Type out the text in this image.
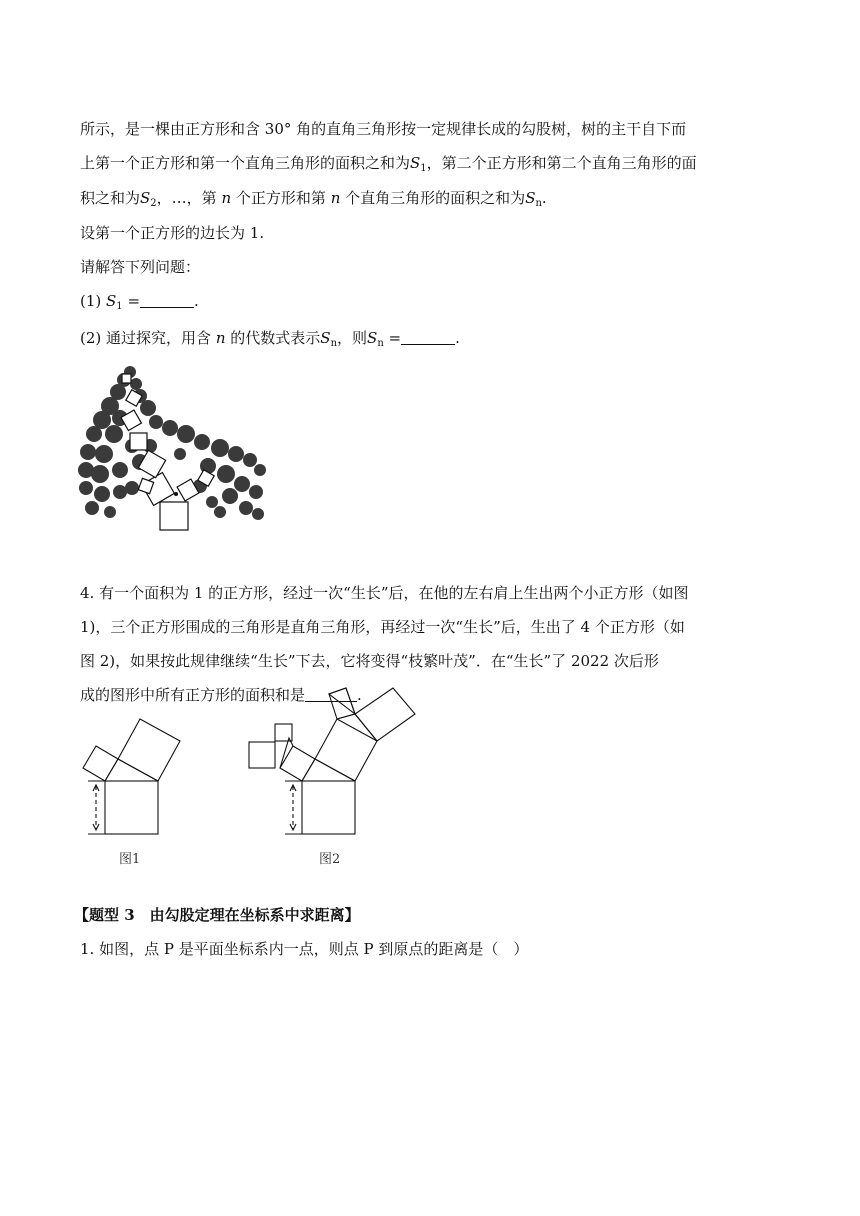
所示，是一棵由正方形和含 30° 角的直角三角形按一定规律长成的勾股树，树的主干自下而
上第一个正方形和第一个直角三角形的面积之和为$S_1$，第二个正方形和第二个直角三角形的面
积之和为$S_2$，…，第 n 个正方形和第 n 个直角三角形的面积之和为$S_n$.
设第一个正方形的边长为 1.
请解答下列问题：
(1) $S_1$ =	.
(2) 通过探究，用含 n 的代数式表示$S_n$，则$S_n$ =	.
4. 有一个面积为 1 的正方形，经过一次“生长”后，在他的左右肩上生出两个小正方形（如图
1)，三个正方形围成的三角形是直角三角形，再经过一次“生长”后，生出了 4 个正方形（如
图 2)，如果按此规律继续“生长”下去，它将变得“枝繁叶茂”．在“生长”了 2022 次后形
成的图形中所有正方形的面积和是	.
图1	图2
【题型 3　由勾股定理在坐标系中求距离】
1. 如图，点 P 是平面坐标系内一点，则点 P 到原点的距离是（　）
